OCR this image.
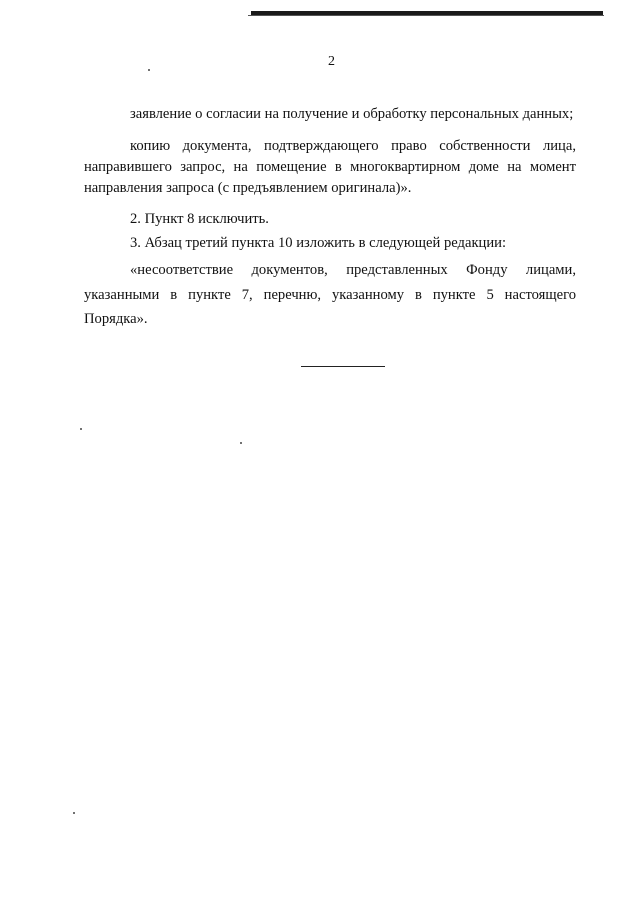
2

заявление о согласии на получение и обработку персональных данных;

копию документа, подтверждающего право собственности лица,

направившего запрос, на помещение в многоквартирном доме на момент

направления запроса (с предъявлением оригинала)».

2. Пункт 8 исключить.

3. Абзац третий пункта 10 изложить в следующей редакции:

«несоответствие документов, представленных Фонду лицами,

указанными в пункте 7, перечню, указанному в пункте 5 настоящего

Порядка».
